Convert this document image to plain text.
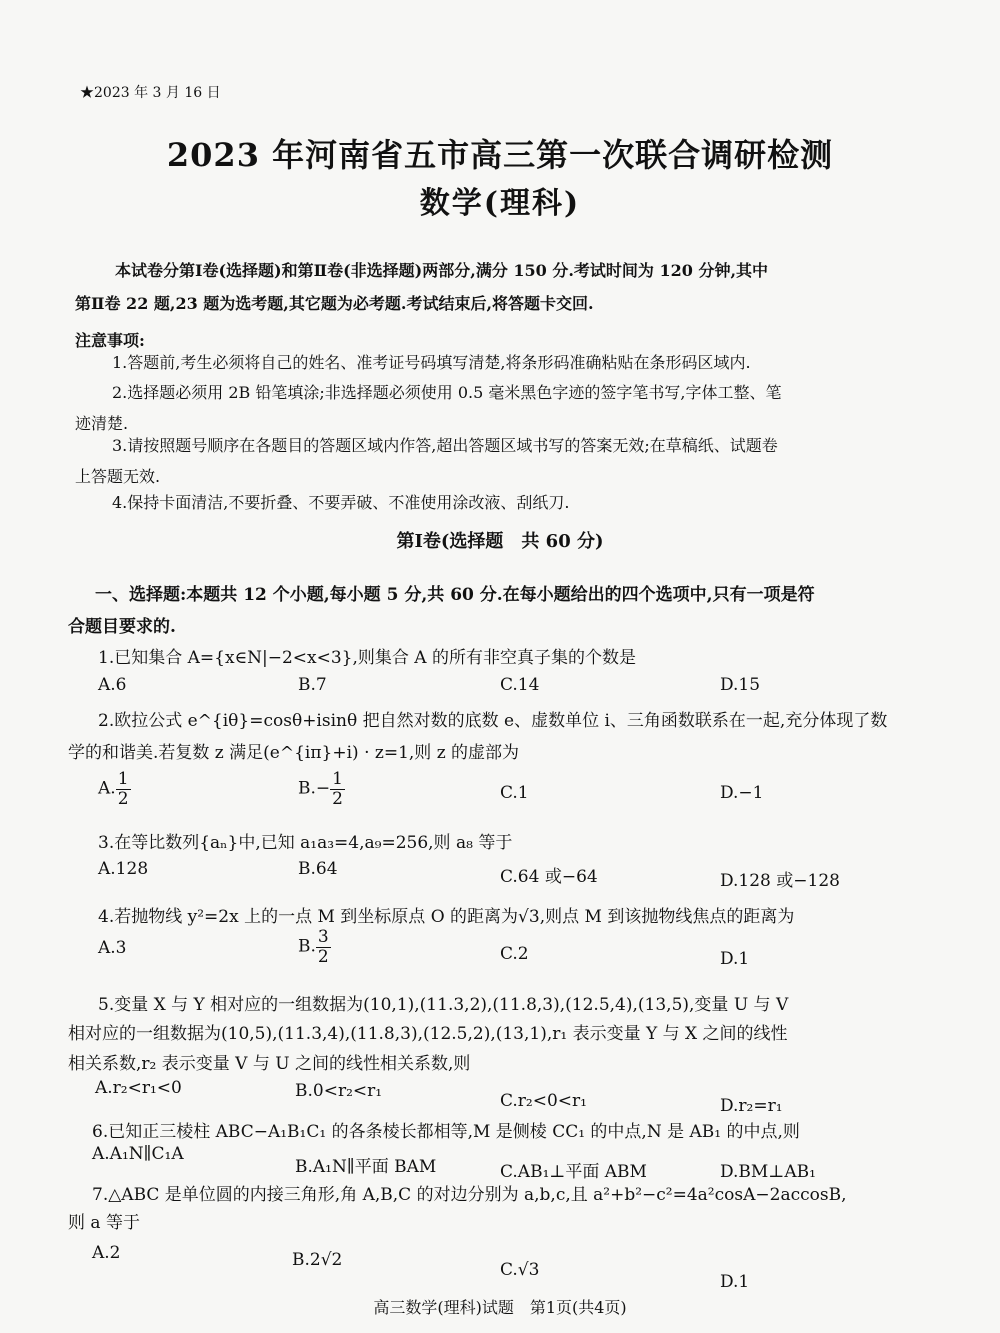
★2023 年 3 月 16 日
2023 年河南省五市高三第一次联合调研检测
数学(理科)
本试卷分第Ⅰ卷(选择题)和第Ⅱ卷(非选择题)两部分,满分 150 分.考试时间为 120 分钟,其中
第Ⅱ卷 22 题,23 题为选考题,其它题为必考题.考试结束后,将答题卡交回.
注意事项:
1.答题前,考生必须将自己的姓名、准考证号码填写清楚,将条形码准确粘贴在条形码区域内.
2.选择题必须用 2B 铅笔填涂;非选择题必须使用 0.5 毫米黑色字迹的签字笔书写,字体工整、笔
迹清楚.
3.请按照题号顺序在各题目的答题区域内作答,超出答题区域书写的答案无效;在草稿纸、试题卷
上答题无效.
4.保持卡面清洁,不要折叠、不要弄破、不准使用涂改液、刮纸刀.
第Ⅰ卷(选择题　共 60 分)
一、选择题:本题共 12 个小题,每小题 5 分,共 60 分.在每小题给出的四个选项中,只有一项是符
合题目要求的.
1.已知集合 A={x∈N|−2<x<3},则集合 A 的所有非空真子集的个数是
A.6	B.7	C.14	D.15
2.欧拉公式 e^{iθ}=cosθ+isinθ 把自然对数的底数 e、虚数单位 i、三角函数联系在一起,充分体现了数
学的和谐美.若复数 z 满足(e^{iπ}+i) · z=1,则 z 的虚部为
A. $\frac{1}{2}$	$B.- \frac{1}{2}$	C.1	D.−1
3.在等比数列{aₙ}中,已知 a₁a₃=4,a₉=256,则 a₈ 等于
A.128	B.64	C.64 或−64	D.128 或−128
4.若抛物线 y²=2x 上的一点 M 到坐标原点 O 的距离为√3,则点 M 到该抛物线焦点的距离为
A.3	B. $\frac{3}{2}$	C.2	D.1
5.变量 X 与 Y 相对应的一组数据为(10,1),(11.3,2),(11.8,3),(12.5,4),(13,5),变量 U 与 V
相对应的一组数据为(10,5),(11.3,4),(11.8,3),(12.5,2),(13,1),r₁ 表示变量 Y 与 X 之间的线性
相关系数,r₂ 表示变量 V 与 U 之间的线性相关系数,则
A.r₂<r₁<0	B.0<r₂<r₁	C.r₂<0<r₁	D.r₂=r₁
6.已知正三棱柱 ABC−A₁B₁C₁ 的各条棱长都相等,M 是侧棱 CC₁ 的中点,N 是 AB₁ 的中点,则
A.A₁N∥C₁A
B.A₁N∥平面 BAM	C.AB₁⊥平面 ABM	D.BM⊥AB₁
7.△ABC 是单位圆的内接三角形,角 A,B,C 的对边分别为 a,b,c,且 a²+b²−c²=4a²cosA−2accosB,
则 a 等于
A.2	B.2√2	C.√3
D.1
高三数学(理科)试题　第1页(共4页)
